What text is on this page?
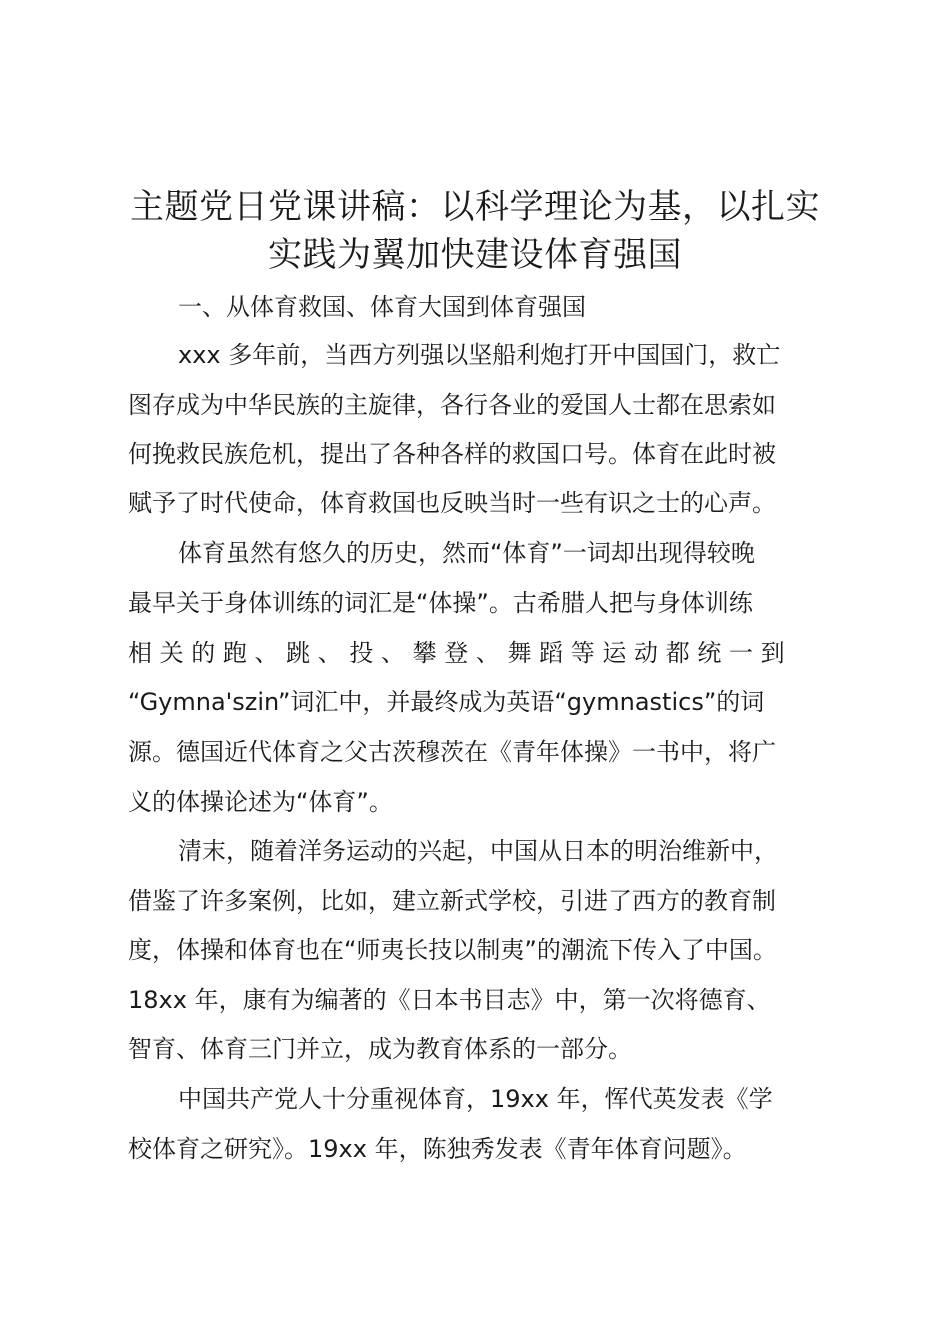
主题党日党课讲稿：以科学理论为基，以扎实
实践为翼加快建设体育强国

一、从体育救国、体育大国到体育强国

xxx 多年前，当西方列强以坚船利炮打开中国国门，救亡

图存成为中华民族的主旋律，各行各业的爱国人士都在思索如

何挽救民族危机，提出了各种各样的救国口号。体育在此时被

赋予了时代使命，体育救国也反映当时一些有识之士的心声。

体育虽然有悠久的历史，然而“体育”一词却出现得较晚

最早关于身体训练的词汇是“体操”。古希腊人把与身体训练

相 关 的 跑 、 跳 、 投 、 攀 登 、 舞 蹈 等 运 动 都 统 一 到

“Gymna'szin”词汇中，并最终成为英语“gymnastics”的词

源。德国近代体育之父古茨穆茨在《青年体操》一书中，将广

义的体操论述为“体育”。

清末，随着洋务运动的兴起，中国从日本的明治维新中，

借鉴了许多案例，比如，建立新式学校，引进了西方的教育制

度，体操和体育也在“师夷长技以制夷”的潮流下传入了中国。

18xx 年，康有为编著的《日本书目志》中，第一次将德育、

智育、体育三门并立，成为教育体系的一部分。

中国共产党人十分重视体育，19xx 年，恽代英发表《学

校体育之研究》。19xx 年，陈独秀发表《青年体育问题》。
